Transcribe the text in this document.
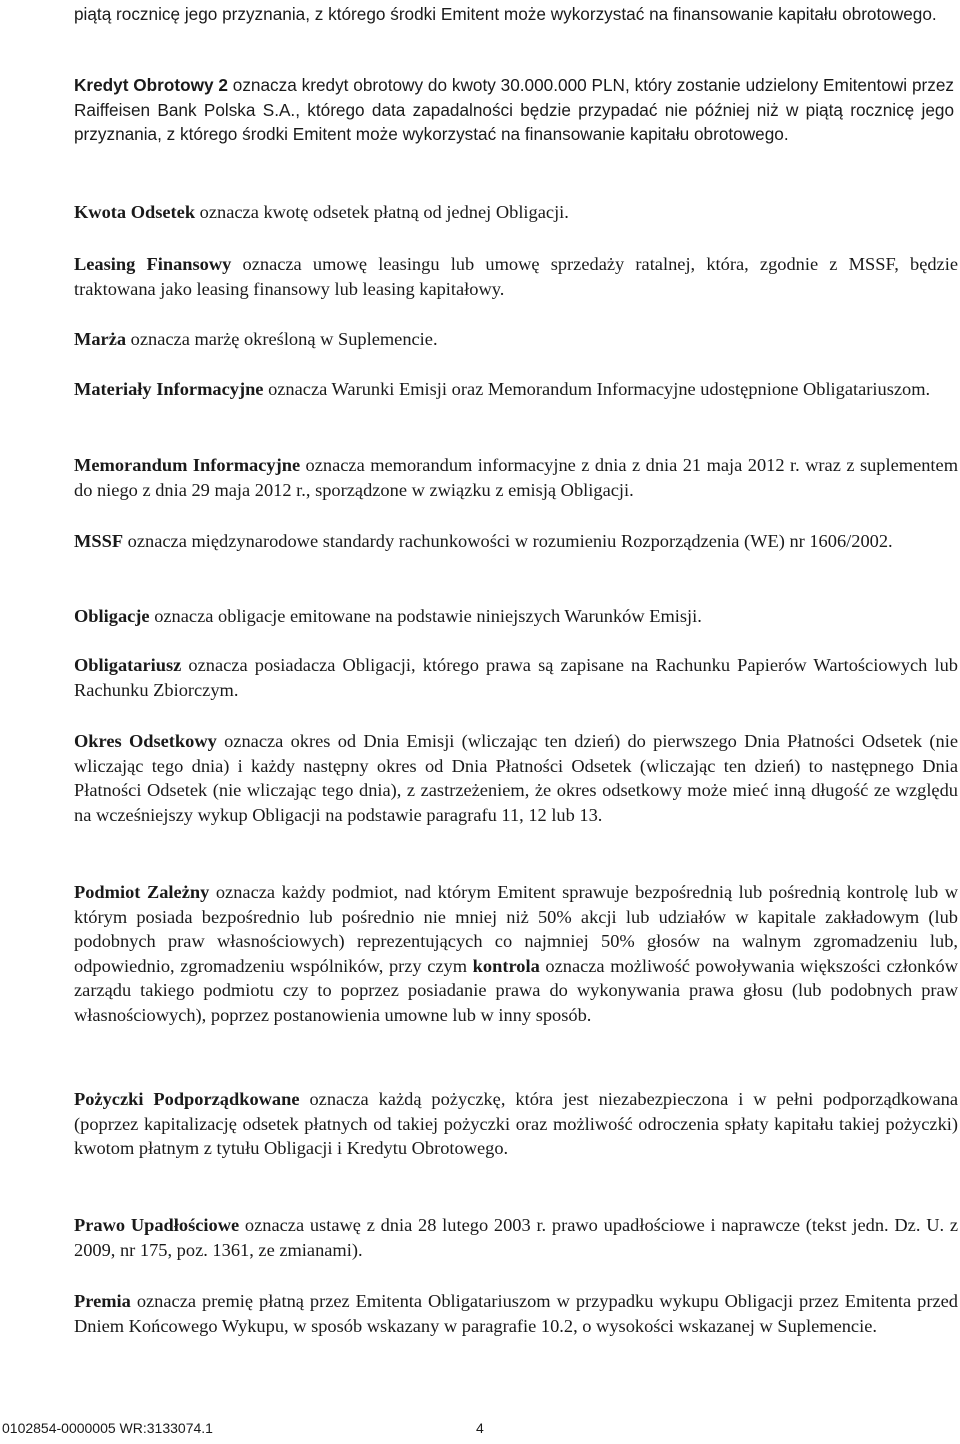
piątą rocznicę jego przyznania, z którego środki Emitent może wykorzystać na finansowanie kapitału obrotowego.

Kredyt Obrotowy 2 oznacza kredyt obrotowy do kwoty 30.000.000 PLN, który zostanie udzielony Emitentowi przez Raiffeisen Bank Polska S.A., którego data zapadalności będzie przypadać nie później niż w piątą rocznicę jego przyznania, z którego środki Emitent może wykorzystać na finansowanie kapitału obrotowego.

Kwota Odsetek oznacza kwotę odsetek płatną od jednej Obligacji.

Leasing Finansowy oznacza umowę leasingu lub umowę sprzedaży ratalnej, która, zgodnie z MSSF, będzie traktowana jako leasing finansowy lub leasing kapitałowy.

Marża oznacza marżę określoną w Suplemencie.

Materiały Informacyjne oznacza Warunki Emisji oraz Memorandum Informacyjne udostępnione Obligatariuszom.

Memorandum Informacyjne oznacza memorandum informacyjne z dnia z dnia 21 maja 2012 r. wraz z suplementem do niego z dnia 29 maja 2012 r., sporządzone w związku z emisją Obligacji.

MSSF oznacza międzynarodowe standardy rachunkowości w rozumieniu Rozporządzenia (WE) nr 1606/2002.

Obligacje oznacza obligacje emitowane na podstawie niniejszych Warunków Emisji.

Obligatariusz oznacza posiadacza Obligacji, którego prawa są zapisane na Rachunku Papierów Wartościowych lub Rachunku Zbiorczym.

Okres Odsetkowy oznacza okres od Dnia Emisji (wliczając ten dzień) do pierwszego Dnia Płatności Odsetek (nie wliczając tego dnia) i każdy następny okres od Dnia Płatności Odsetek (wliczając ten dzień) to następnego Dnia Płatności Odsetek (nie wliczając tego dnia), z zastrzeżeniem, że okres odsetkowy może mieć inną długość ze względu na wcześniejszy wykup Obligacji na podstawie paragrafu 11, 12 lub 13.

Podmiot Zależny oznacza każdy podmiot, nad którym Emitent sprawuje bezpośrednią lub pośrednią kontrolę lub w którym posiada bezpośrednio lub pośrednio nie mniej niż 50% akcji lub udziałów w kapitale zakładowym (lub podobnych praw własnościowych) reprezentujących co najmniej 50% głosów na walnym zgromadzeniu lub, odpowiednio, zgromadzeniu wspólników, przy czym kontrola oznacza możliwość powoływania większości członków zarządu takiego podmiotu czy to poprzez posiadanie prawa do wykonywania prawa głosu (lub podobnych praw własnościowych), poprzez postanowienia umowne lub w inny sposób.

Pożyczki Podporządkowane oznacza każdą pożyczkę, która jest niezabezpieczona i w pełni podporządkowana (poprzez kapitalizację odsetek płatnych od takiej pożyczki oraz możliwość odroczenia spłaty kapitału takiej pożyczki) kwotom płatnym z tytułu Obligacji i Kredytu Obrotowego.

Prawo Upadłościowe oznacza ustawę z dnia 28 lutego 2003 r. prawo upadłościowe i naprawcze (tekst jedn. Dz. U. z 2009, nr 175, poz. 1361, ze zmianami).

Premia oznacza premię płatną przez Emitenta Obligatariuszom w przypadku wykupu Obligacji przez Emitenta przed Dniem Końcowego Wykupu, w sposób wskazany w paragrafie 10.2, o wysokości wskazanej w Suplemencie.

0102854-0000005 WR:3133074.1	4
